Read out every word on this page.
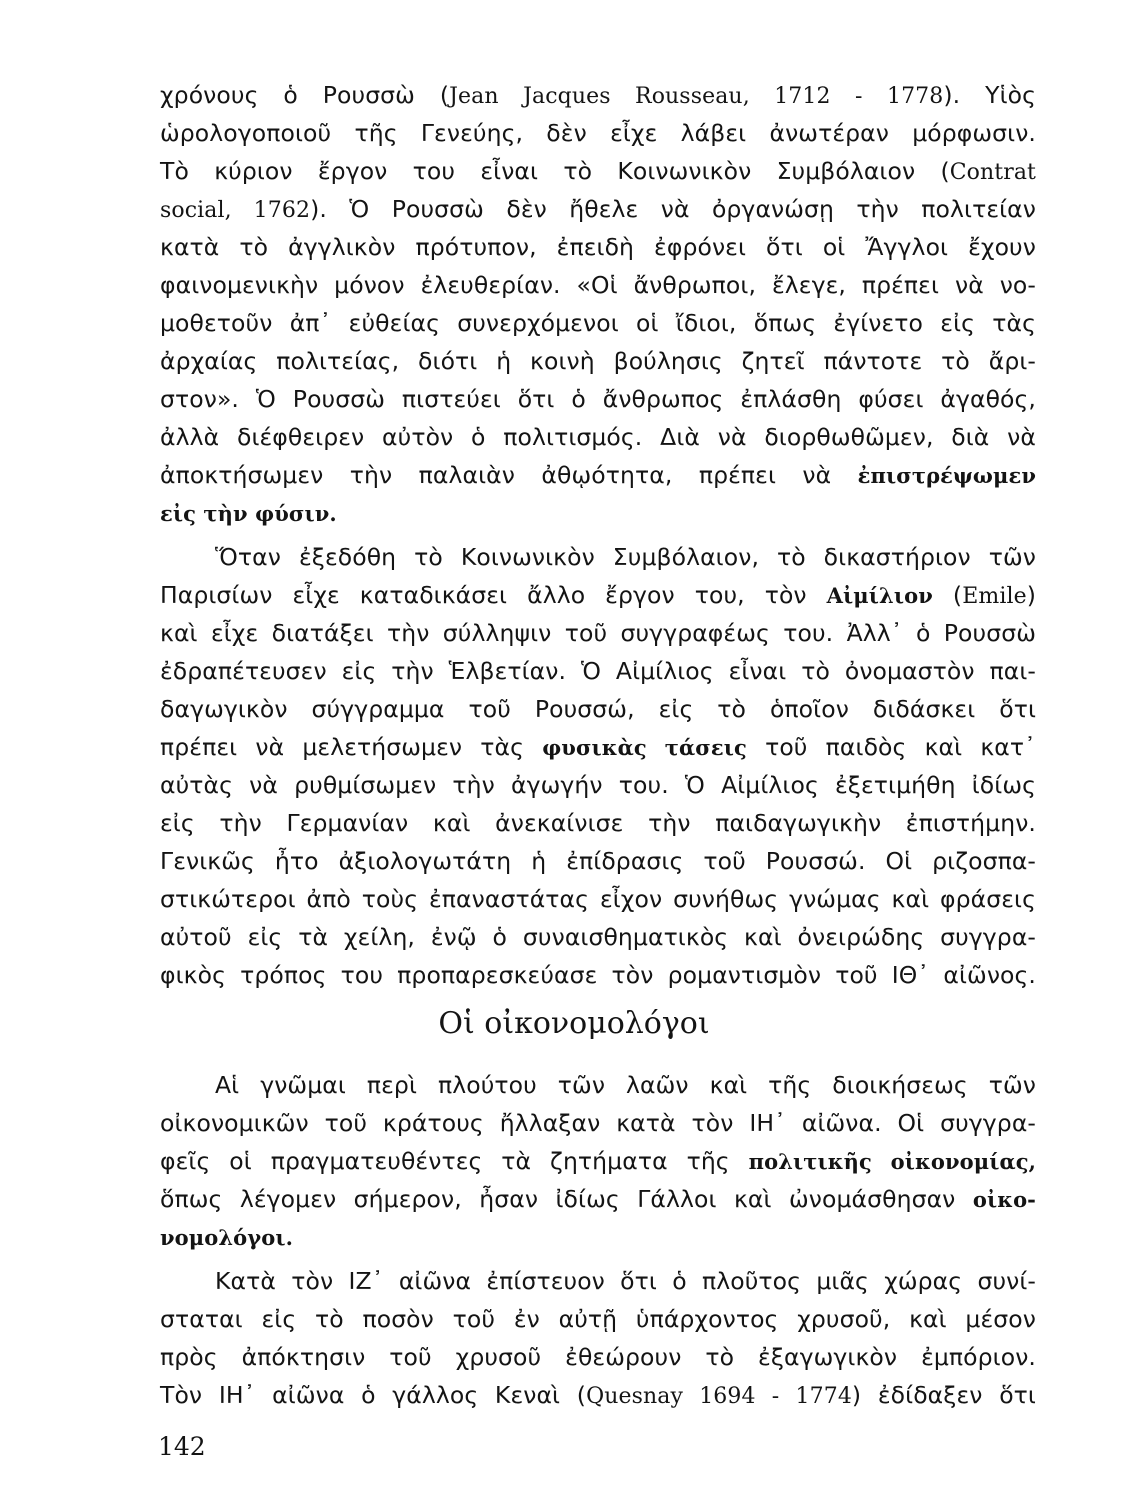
χρόνους ὁ Ρουσσὼ (Jean Jacques Rousseau, 1712 - 1778). Υἱὸς
ὡρολογοποιοῦ τῆς Γενεύης, δὲν εἶχε λάβει ἀνωτέραν μόρφωσιν.
Τὸ κύριον ἔργον του εἶναι τὸ Κοινωνικὸν Συμβόλαιον (Contrat
social, 1762). Ὁ Ρουσσὼ δὲν ἤθελε νὰ ὀργανώσῃ τὴν πολιτείαν
κατὰ τὸ ἀγγλικὸν πρότυπον, ἐπειδὴ ἐφρόνει ὅτι οἱ Ἄγγλοι ἔχουν
φαινομενικὴν μόνον ἐλευθερίαν. «Οἱ ἄνθρωποι, ἔλεγε, πρέπει νὰ νο-
μοθετοῦν ἀπ᾽ εὐθείας συνερχόμενοι οἱ ἴδιοι, ὅπως ἐγίνετο εἰς τὰς
ἀρχαίας πολιτείας, διότι ἡ κοινὴ βούλησις ζητεῖ πάντοτε τὸ ἄρι-
στον». Ὁ Ρουσσὼ πιστεύει ὅτι ὁ ἄνθρωπος ἐπλάσθη φύσει ἀγαθός,
ἀλλὰ διέφθειρεν αὐτὸν ὁ πολιτισμός. Διὰ νὰ διορθωθῶμεν, διὰ νὰ
ἀποκτήσωμεν τὴν παλαιὰν ἀθῳότητα, πρέπει νὰ ἐπιστρέψωμεν
εἰς τὴν φύσιν.
Ὅταν ἐξεδόθη τὸ Κοινωνικὸν Συμβόλαιον, τὸ δικαστήριον τῶν
Παρισίων εἶχε καταδικάσει ἄλλο ἔργον του, τὸν Αἰμίλιον (Emile)
καὶ εἶχε διατάξει τὴν σύλληψιν τοῦ συγγραφέως του. Ἀλλ᾽ ὁ Ρουσσὼ
ἐδραπέτευσεν εἰς τὴν Ἑλβετίαν. Ὁ Αἰμίλιος εἶναι τὸ ὀνομαστὸν παι-
δαγωγικὸν σύγγραμμα τοῦ Ρουσσώ, εἰς τὸ ὁποῖον διδάσκει ὅτι
πρέπει νὰ μελετήσωμεν τὰς φυσικὰς τάσεις τοῦ παιδὸς καὶ κατ᾽
αὐτὰς νὰ ρυθμίσωμεν τὴν ἀγωγήν του. Ὁ Αἰμίλιος ἐξετιμήθη ἰδίως
εἰς τὴν Γερμανίαν καὶ ἀνεκαίνισε τὴν παιδαγωγικὴν ἐπιστήμην.
Γενικῶς ἦτο ἀξιολογωτάτη ἡ ἐπίδρασις τοῦ Ρουσσώ. Οἱ ριζοσπα-
στικώτεροι ἀπὸ τοὺς ἐπαναστάτας εἶχον συνήθως γνώμας καὶ φράσεις
αὐτοῦ εἰς τὰ χείλη, ἐνῷ ὁ συναισθηματικὸς καὶ ὀνειρώδης συγγρα-
φικὸς τρόπος του προπαρεσκεύασε τὸν ρομαντισμὸν τοῦ ΙΘ᾽ αἰῶνος.
Οἱ οἰκονομολόγοι
Αἱ γνῶμαι περὶ πλούτου τῶν λαῶν καὶ τῆς διοικήσεως τῶν
οἰκονομικῶν τοῦ κράτους ἤλλαξαν κατὰ τὸν ΙΗ᾽ αἰῶνα. Οἱ συγγρα-
φεῖς οἱ πραγματευθέντες τὰ ζητήματα τῆς πολιτικῆς οἰκονομίας,
ὅπως λέγομεν σήμερον, ἦσαν ἰδίως Γάλλοι καὶ ὠνομάσθησαν οἰκο-
νομολόγοι.
Κατὰ τὸν ΙΖ᾽ αἰῶνα ἐπίστευον ὅτι ὁ πλοῦτος μιᾶς χώρας συνί-
σταται εἰς τὸ ποσὸν τοῦ ἐν αὐτῇ ὑπάρχοντος χρυσοῦ, καὶ μέσον
πρὸς ἀπόκτησιν τοῦ χρυσοῦ ἐθεώρουν τὸ ἐξαγωγικὸν ἐμπόριον.
Τὸν ΙΗ᾽ αἰῶνα ὁ γάλλος Κεναὶ (Quesnay 1694 - 1774) ἐδίδαξεν ὅτι
142
